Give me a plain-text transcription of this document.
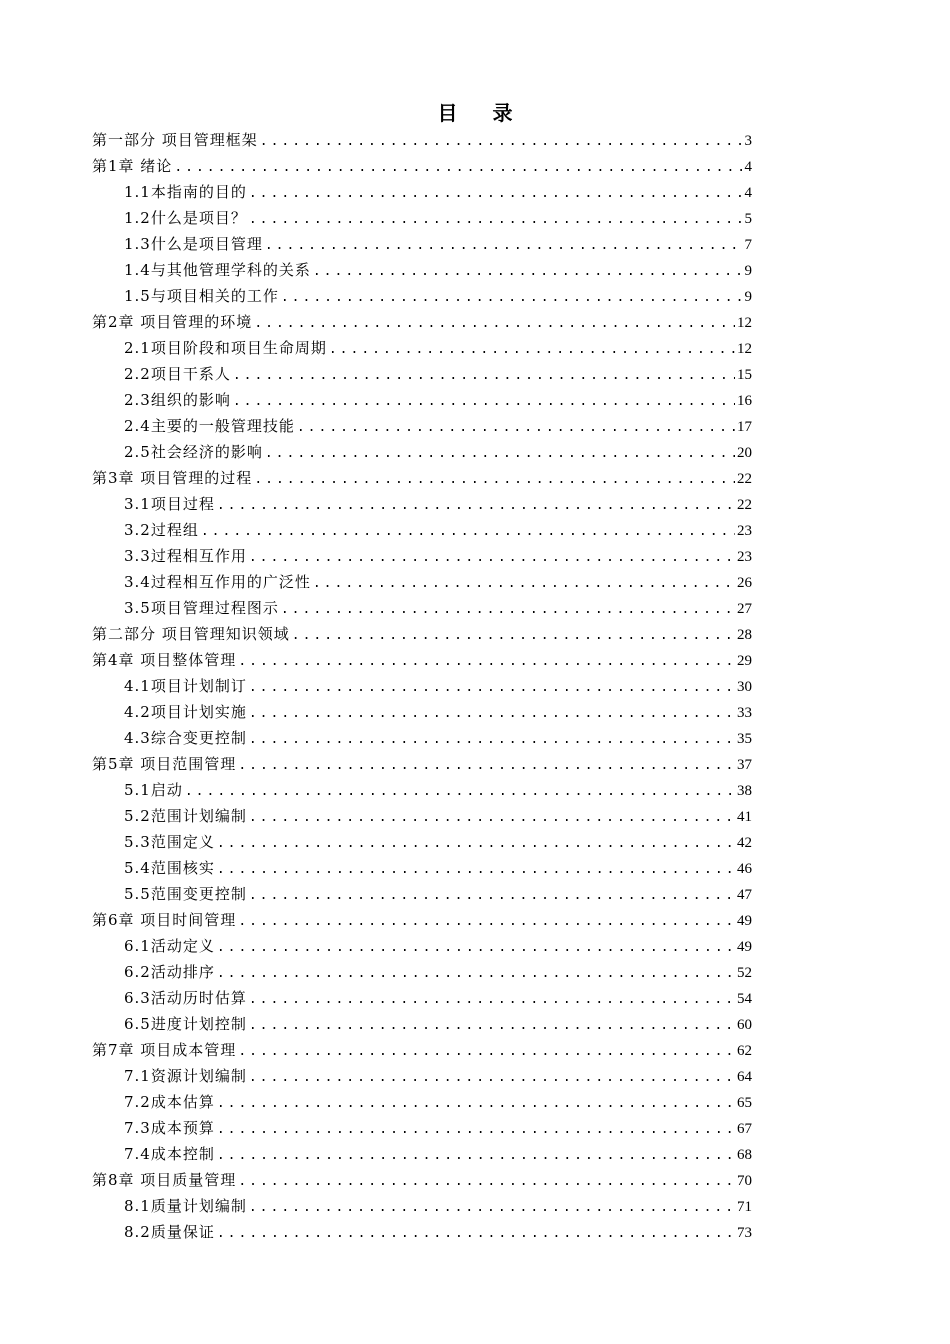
目 录
第一部分 项目管理框架 .....	3
第1章 绪论 .....	4
1.1本指南的目的 .....	4
1.2什么是项目？ .....	5
1.3什么是项目管理 .....	7
1.4与其他管理学科的关系 .....	9
1.5与项目相关的工作 .....	9
第2章 项目管理的环境 .....	12
2.1项目阶段和项目生命周期 .....	12
2.2项目干系人 .....	15
2.3组织的影响 .....	16
2.4主要的一般管理技能 .....	17
2.5社会经济的影响 .....	20
第3章 项目管理的过程 .....	22
3.1项目过程 .....	22
3.2过程组 .....	23
3.3过程相互作用 .....	23
3.4过程相互作用的广泛性 .....	26
3.5项目管理过程图示 .....	27
第二部分 项目管理知识领域 .....	28
第4章 项目整体管理 .....	29
4.1项目计划制订 .....	30
4.2项目计划实施 .....	33
4.3综合变更控制 .....	35
第5章 项目范围管理 .....	37
5.1启动 .....	38
5.2范围计划编制 .....	41
5.3范围定义 .....	42
5.4范围核实 .....	46
5.5范围变更控制 .....	47
第6章 项目时间管理 .....	49
6.1活动定义 .....	49
6.2活动排序 .....	52
6.3活动历时估算 .....	54
6.5进度计划控制 .....	60
第7章 项目成本管理 .....	62
7.1资源计划编制 .....	64
7.2成本估算 .....	65
7.3成本预算 .....	67
7.4成本控制 .....	68
第8章 项目质量管理 .....	70
8.1质量计划编制 .....	71
8.2质量保证 .....	73
